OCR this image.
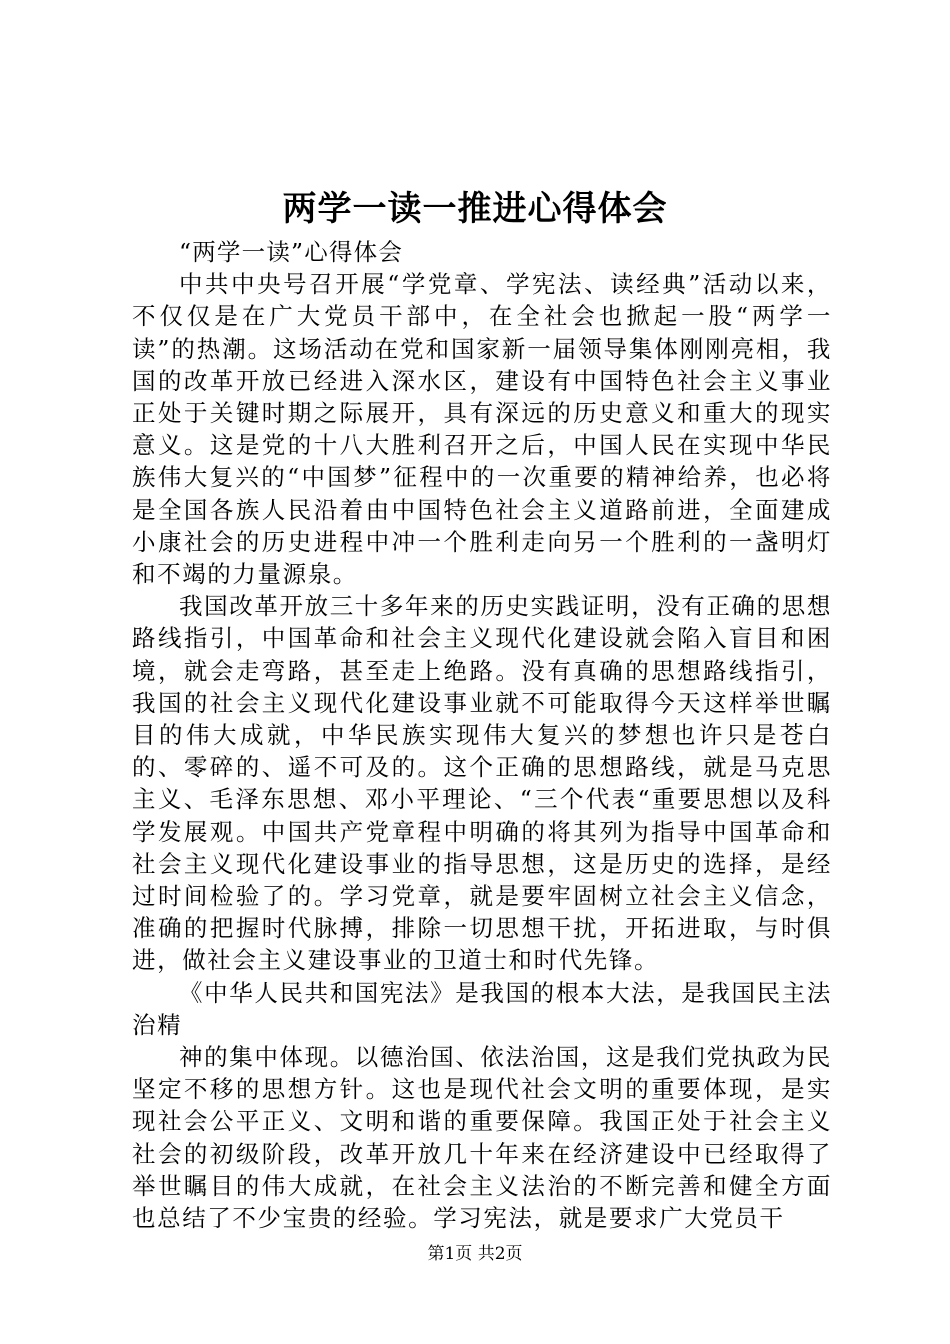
两学一读一推进心得体会

“两学一读”心得体会

中共中央号召开展“学党章、学宪法、读经典”活动以来，不仅仅是在广大党员干部中，在全社会也掀起一股“两学一读”的热潮。这场活动在党和国家新一届领导集体刚刚亮相，我国的改革开放已经进入深水区，建设有中国特色社会主义事业正处于关键时期之际展开，具有深远的历史意义和重大的现实意义。这是党的十八大胜利召开之后，中国人民在实现中华民族伟大复兴的“中国梦”征程中的一次重要的精神给养，也必将是全国各族人民沿着由中国特色社会主义道路前进，全面建成小康社会的历史进程中冲一个胜利走向另一个胜利的一盏明灯和不竭的力量源泉。

我国改革开放三十多年来的历史实践证明，没有正确的思想路线指引，中国革命和社会主义现代化建设就会陷入盲目和困境，就会走弯路，甚至走上绝路。没有真确的思想路线指引，我国的社会主义现代化建设事业就不可能取得今天这样举世瞩目的伟大成就，中华民族实现伟大复兴的梦想也许只是苍白的、零碎的、遥不可及的。这个正确的思想路线，就是马克思主义、毛泽东思想、邓小平理论、“三个代表“重要思想以及科学发展观。中国共产党章程中明确的将其列为指导中国革命和社会主义现代化建设事业的指导思想，这是历史的选择，是经过时间检验了的。学习党章，就是要牢固树立社会主义信念，准确的把握时代脉搏，排除一切思想干扰，开拓进取，与时俱进，做社会主义建设事业的卫道士和时代先锋。

《中华人民共和国宪法》是我国的根本大法，是我国民主法治精

神的集中体现。以德治国、依法治国，这是我们党执政为民坚定不移的思想方针。这也是现代社会文明的重要体现，是实现社会公平正义、文明和谐的重要保障。我国正处于社会主义社会的初级阶段，改革开放几十年来在经济建设中已经取得了举世瞩目的伟大成就，在社会主义法治的不断完善和健全方面也总结了不少宝贵的经验。学习宪法，就是要求广大党员干

第1页 共2页
